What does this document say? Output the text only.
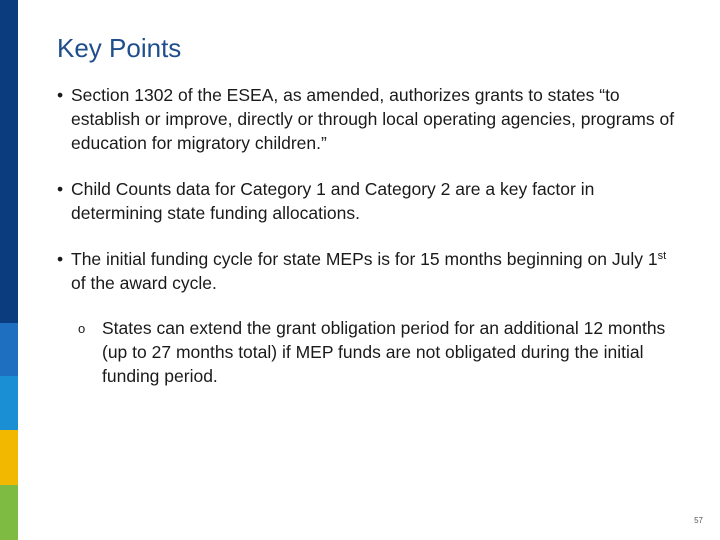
Key Points
• Section 1302 of the ESEA, as amended, authorizes grants to states “to establish or improve, directly or through local operating agencies, programs of education for migratory children.”
• Child Counts data for Category 1 and Category 2 are a key factor in determining state funding allocations.
• The initial funding cycle for state MEPs is for 15 months beginning on July 1st of the award cycle.
o States can extend the grant obligation period for an additional 12 months (up to 27 months total) if MEP funds are not obligated during the initial funding period.
57
